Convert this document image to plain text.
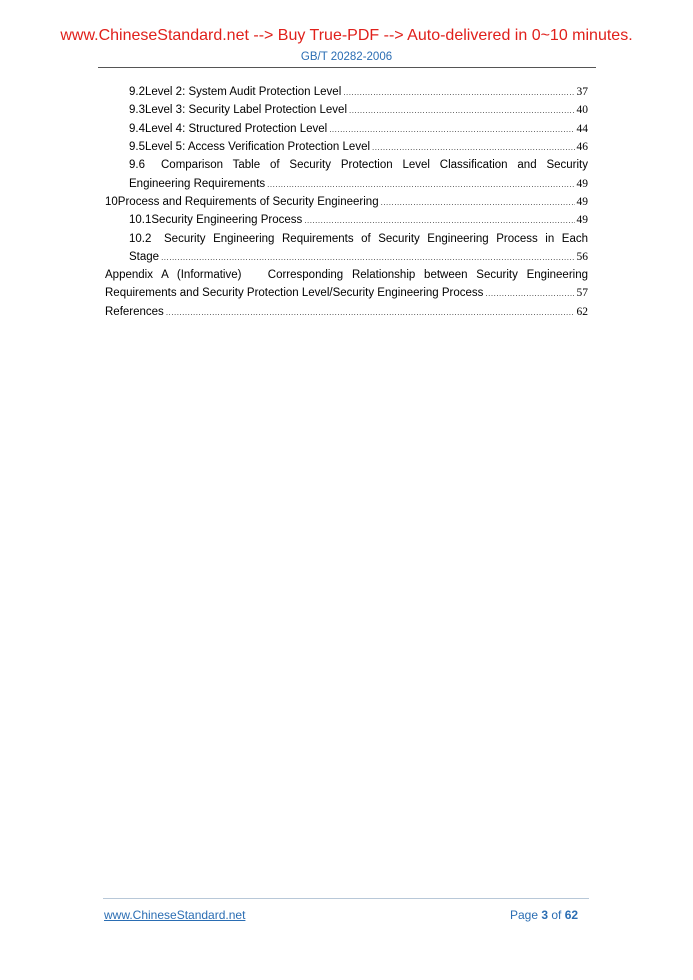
www.ChineseStandard.net --> Buy True-PDF --> Auto-delivered in 0~10 minutes.
GB/T 20282-2006
9.2 Level 2: System Audit Protection Level .....	37
9.3 Level 3: Security Label Protection Level .....	40
9.4 Level 4: Structured Protection Level .....	44
9.5 Level 5: Access Verification Protection Level .....	46
9.6	Comparison Table of Security Protection Level Classification and Security
Engineering Requirements .....	49
10 Process and Requirements of Security Engineering .....	49
10.1 Security Engineering Process .....	49
10.2	Security Engineering Requirements of Security Engineering Process in Each
Stage .....	56
Appendix A (Informative)   Corresponding Relationship between Security Engineering
Requirements and Security Protection Level/Security Engineering Process .....	57
References .....	62
www.ChineseStandard.net	Page 3 of 62
